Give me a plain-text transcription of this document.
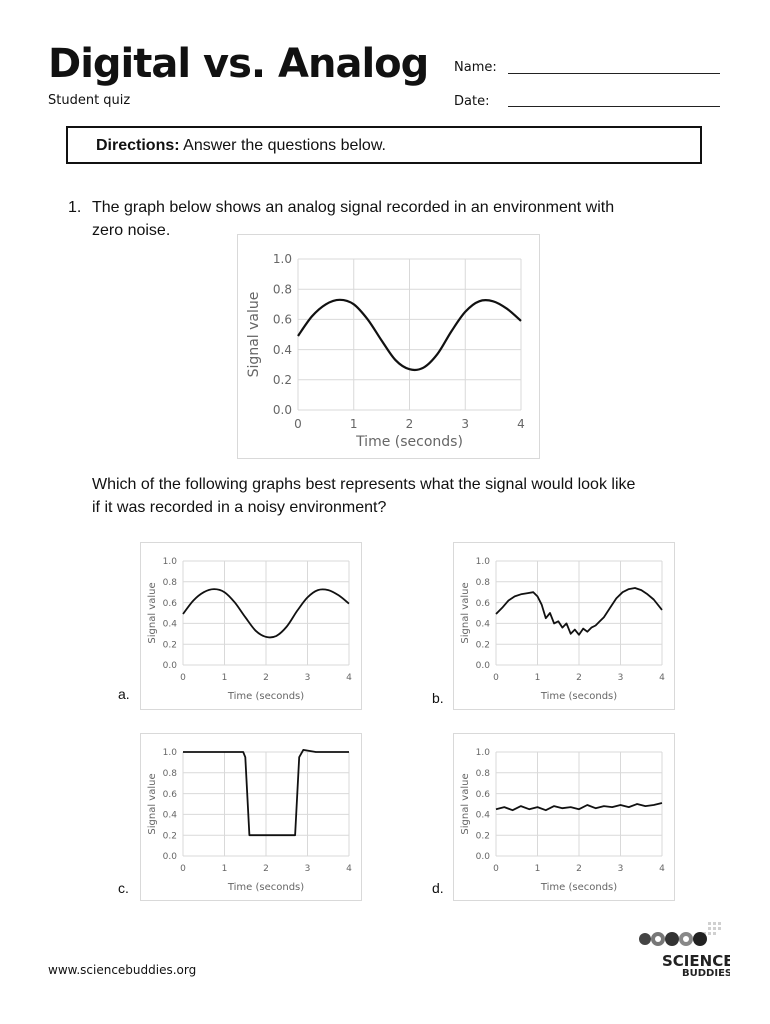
Digital vs. Analog
Student quiz
Name:
Date:
Directions: Answer the questions below.
1. The graph below shows an analog signal recorded in an environment with
zero noise.
0.0
0.2
0.4
0.6
0.8
1.0
0	1	2	3	4
Time (seconds)
Signal value
Which of the following graphs best represents what the signal would look like
if it was recorded in a noisy environment?
0.0
0.2
0.4
0.6
0.8
1.0
0	1	2	3	4
Time (seconds)
Signal value
0.0
0.2
0.4
0.6
0.8
1.0
0	1	2	3	4
Time (seconds)
Signal value
0.0
0.2
0.4
0.6
0.8
1.0
0	1	2	3	4
Time (seconds)
Signal value
0.0
0.2
0.4
0.6
0.8
1.0
0	1	2	3	4
Time (seconds)
Signal value
a.	b.
c.	d.
www.sciencebuddies.org	SCIENCE
BUDDIES
